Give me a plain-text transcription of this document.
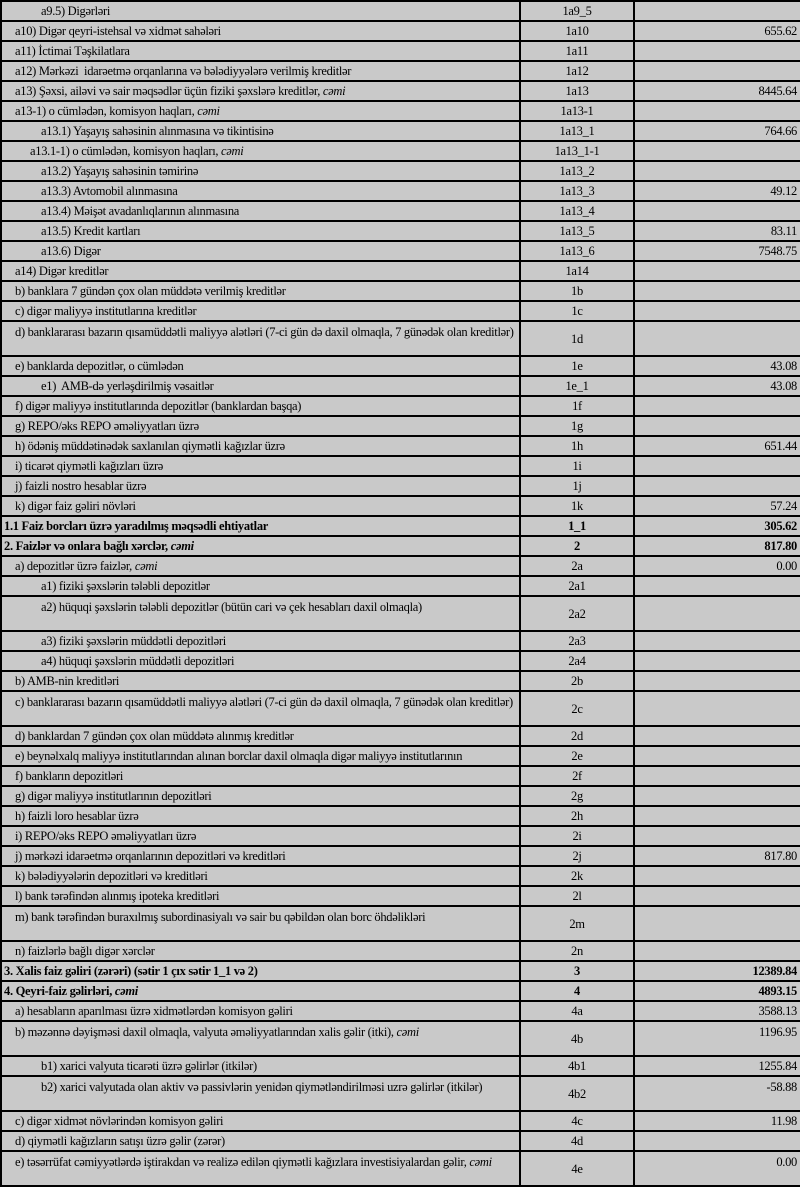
a9.5) Digərləri	1a9_5
a10) Digər qeyri-istehsal və xidmət sahələri	1a10	655.62
a11) İctimai Təşkilatlara	1a11
a12) Mərkəzi  idarəetmə orqanlarına və bələdiyyələrə verilmiş kreditlər	1a12
a13) Şəxsi, ailəvi və sair məqsədlər üçün fiziki şəxslərə kreditlər, cəmi	1a13	8445.64
a13-1) o cümlədən, komisyon haqları, cəmi	1a13-1
a13.1) Yaşayış sahəsinin alınmasına və tikintisinə	1a13_1	764.66
a13.1-1) o cümlədən, komisyon haqları, cəmi	1a13_1-1
a13.2) Yaşayış sahəsinin təmirinə	1a13_2
a13.3) Avtomobil alınmasına	1a13_3	49.12
a13.4) Məişət avadanlıqlarının alınmasına	1a13_4
a13.5) Kredit kartları	1a13_5	83.11
a13.6) Digər	1a13_6	7548.75
a14) Digər kreditlər	1a14
b) banklara 7 gündən çox olan müddətə verilmiş kreditlər	1b
c) digər maliyyə institutlarına kreditlər	1c
d) banklararası bazarın qısamüddətli maliyyə alətləri (7-ci gün də daxil olmaqla, 7 günədək olan kreditlər)	1d
e) banklarda depozitlər, o cümlədən	1e	43.08
e1)  AMB-də yerləşdirilmiş vəsaitlər	1e_1	43.08
f) digər maliyyə institutlarında depozitlər (banklardan başqa)	1f
g) REPO/əks REPO əməliyyatları üzrə	1g
h) ödəniş müddətinədək saxlanılan qiymətli kağızlar üzrə	1h	651.44
i) ticarət qiymətli kağızları üzrə	1i
j) faizli nostro hesablar üzrə	1j
k) digər faiz gəliri növləri	1k	57.24
1.1 Faiz borcları üzrə yaradılmış məqsədli ehtiyatlar	1_1	305.62
2. Faizlər və onlara bağlı xərclər, cəmi	2	817.80
a) depozitlər üzrə faizlər, cəmi	2a	0.00
a1) fiziki şəxslərin tələbli depozitlər	2a1
a2) hüquqi şəxslərin tələbli depozitlər (bütün cari və çek hesabları daxil olmaqla)	2a2
a3) fiziki şəxslərin müddətli depozitləri	2a3
a4) hüquqi şəxslərin müddətli depozitləri	2a4
b) AMB-nin kreditləri	2b
c) banklararası bazarın qısamüddətli maliyyə alətləri (7-ci gün də daxil olmaqla, 7 günədək olan kreditlər)	2c
d) banklardan 7 gündən çox olan müddətə alınmış kreditlər	2d
e) beynəlxalq maliyyə institutlarından alınan borclar daxil olmaqla digər maliyyə institutlarının	2e
f) bankların depozitləri	2f
g) digər maliyyə institutlarının depozitləri	2g
h) faizli loro hesablar üzrə	2h
i) REPO/əks REPO əməliyyatları üzrə	2i
j) mərkəzi idarəetmə orqanlarının depozitləri və kreditləri	2j	817.80
k) bələdiyyələrin depozitləri və kreditləri	2k
l) bank tərəfindən alınmış ipoteka kreditləri	2l
m) bank tərəfindən buraxılmış subordinasiyalı və sair bu qəbildən olan borc öhdəlikləri	2m
n) faizlərlə bağlı digər xərclər	2n
3. Xalis faiz gəliri (zərəri) (sətir 1 çıx sətir 1_1 və 2)	3	12389.84
4. Qeyri-faiz gəlirləri, cəmi	4	4893.15
a) hesabların aparılması üzrə xidmətlərdən komisyon gəliri	4a	3588.13
b) məzənnə dəyişməsi daxil olmaqla, valyuta əməliyyatlarından xalis gəlir (itki), cəmi	4b	1196.95
b1) xarici valyuta ticarəti üzrə gəlirlər (itkilər)	4b1	1255.84
b2) xarici valyutada olan aktiv və passivlərin yenidən qiymətləndirilməsi uzrə gəlirlər (itkilər)	4b2	-58.88
c) digər xidmət növlərindən komisyon gəliri	4c	11.98
d) qiymətli kağızların satışı üzrə gəlir (zərər)	4d
e) təsərrüfat cəmiyyətlərdə iştirakdan və realizə edilən qiymətli kağızlara investisiyalardan gəlir, cəmi	4e	0.00
